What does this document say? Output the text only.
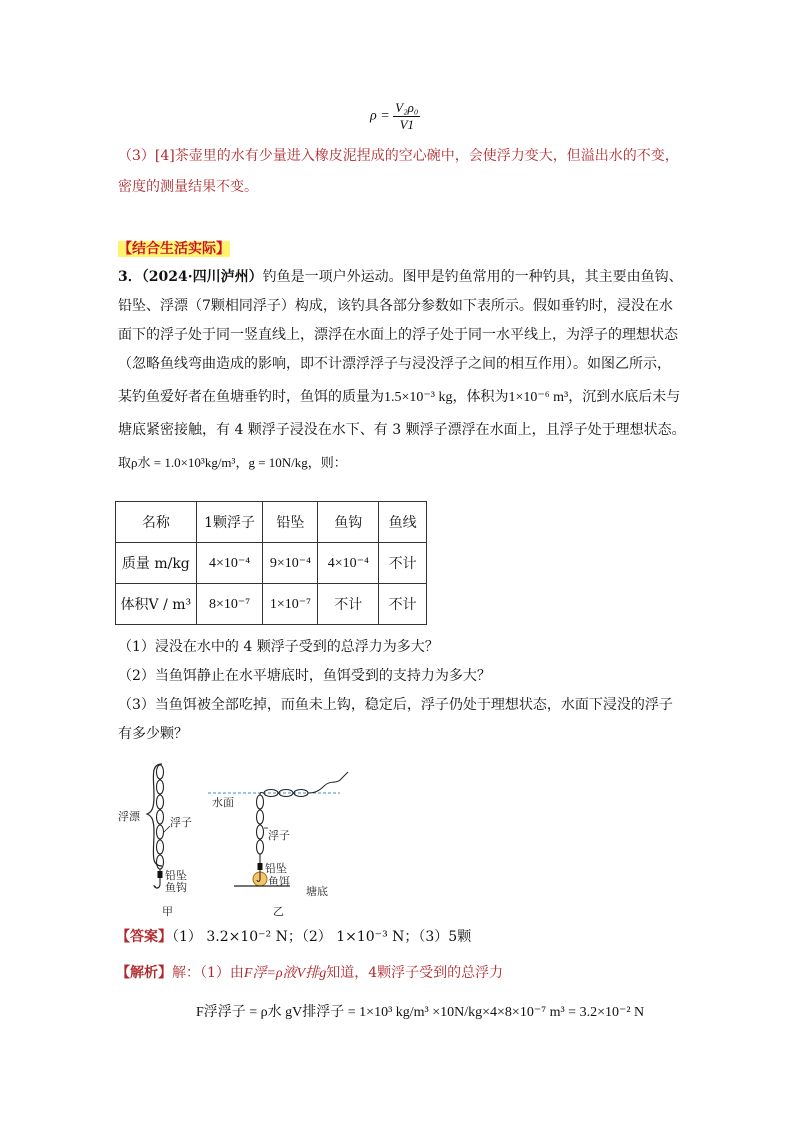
$\rho = \frac{\text{V₂ρ₀}}{V1}$
（3）[4]茶壶里的水有少量进入橡皮泥捏成的空心碗中，会使浮力变大，但溢出水的不变，
密度的测量结果不变。
【结合生活实际】
3．（2024·四川泸州）钓鱼是一项户外运动。图甲是钓鱼常用的一种钓具，其主要由鱼钩、
铅坠、浮漂（7颗相同浮子）构成，该钓具各部分参数如下表所示。假如垂钓时，浸没在水
面下的浮子处于同一竖直线上，漂浮在水面上的浮子处于同一水平线上，为浮子的理想状态
（忽略鱼线弯曲造成的影响，即不计漂浮浮子与浸没浮子之间的相互作用）。如图乙所示，
某钓鱼爱好者在鱼塘垂钓时，鱼饵的质量为1.5×10⁻³ kg，体积为1×10⁻⁶ m³，沉到水底后未与
塘底紧密接触，有 4 颗浮子浸没在水下、有 3 颗浮子漂浮在水面上，且浮子处于理想状态。
取ρ水 = 1.0×10³kg/m³，g = 10N/kg，则：
名称	1颗浮子	铅坠	鱼钩	鱼线
质量 m/kg	4×10⁻⁴	9×10⁻⁴	4×10⁻⁴	不计
体积V / m³	8×10⁻⁷	1×10⁻⁷	不计	不计
（1）浸没在水中的 4 颗浮子受到的总浮力为多大？
（2）当鱼饵静止在水平塘底时，鱼饵受到的支持力为多大？
（3）当鱼饵被全部吃掉，而鱼未上钩，稳定后，浮子仍处于理想状态，水面下浸没的浮子
有多少颗？
浮漂	浮子
铅坠
鱼钩
甲
水面
浮子
铅坠
鱼饵
塘底
乙
【答案】（1） 3.2×10⁻² N；（2） 1×10⁻³ N；（3）5颗
【解析】解：（1）由F浮=ρ液V排g知道，4颗浮子受到的总浮力
F浮浮子 = ρ水 gV排浮子 = 1×10³ kg/m³ ×10N/kg×4×8×10⁻⁷ m³ = 3.2×10⁻² N
